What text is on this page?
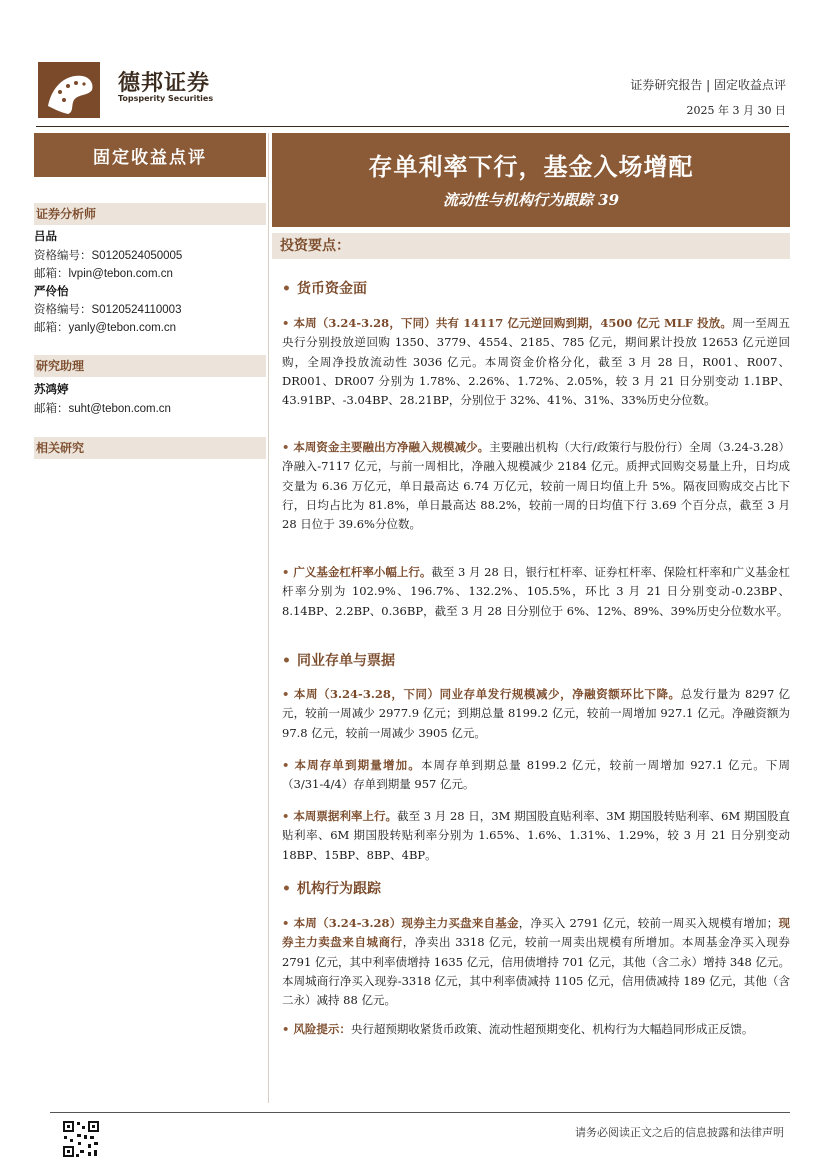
德邦证券
Topsperity Securities
证券研究报告 | 固定收益点评
2025 年 3 月 30 日
固定收益点评
证券分析师
吕品
资格编号：S0120524050005
邮箱：lvpin@tebon.com.cn
严伶怡
资格编号：S0120524110003
邮箱：yanly@tebon.com.cn
研究助理
苏鸿婷
邮箱：suht@tebon.com.cn
相关研究
存单利率下行，基金入场增配
流动性与机构行为跟踪 39
投资要点：
• 货币资金面
• 本周（3.24-3.28，下同）共有 14117 亿元逆回购到期，4500 亿元 MLF 投放。周一至周五央行分别投放逆回购 1350、3779、4554、2185、785 亿元，期间累计投放 12653 亿元逆回购，全周净投放流动性 3036 亿元。本周资金价格分化，截至 3 月 28 日，R001、R007、DR001、DR007 分别为 1.78%、2.26%、1.72%、2.05%，较 3 月 21 日分别变动 1.1BP、43.91BP、-3.04BP、28.21BP，分别位于 32%、41%、31%、33%历史分位数。
• 本周资金主要融出方净融入规模减少。主要融出机构（大行/政策行与股份行）全周（3.24-3.28）净融入-7117 亿元，与前一周相比，净融入规模减少 2184 亿元。质押式回购交易量上升，日均成交量为 6.36 万亿元，单日最高达 6.74 万亿元，较前一周日均值上升 5%。隔夜回购成交占比下行，日均占比为 81.8%，单日最高达 88.2%，较前一周的日均值下行 3.69 个百分点，截至 3 月 28 日位于 39.6%分位数。
• 广义基金杠杆率小幅上行。截至 3 月 28 日，银行杠杆率、证券杠杆率、保险杠杆率和广义基金杠杆率分别为 102.9%、196.7%、132.2%、105.5%，环比 3 月 21 日分别变动-0.23BP、8.14BP、2.2BP、0.36BP，截至 3 月 28 日分别位于 6%、12%、89%、39%历史分位数水平。
• 同业存单与票据
• 本周（3.24-3.28，下同）同业存单发行规模减少，净融资额环比下降。总发行量为 8297 亿元，较前一周减少 2977.9 亿元；到期总量 8199.2 亿元，较前一周增加 927.1 亿元。净融资额为 97.8 亿元，较前一周减少 3905 亿元。
• 本周存单到期量增加。本周存单到期总量 8199.2 亿元，较前一周增加 927.1 亿元。下周（3/31-4/4）存单到期量 957 亿元。
• 本周票据利率上行。截至 3 月 28 日，3M 期国股直贴利率、3M 期国股转贴利率、6M 期国股直贴利率、6M 期国股转贴利率分别为 1.65%、1.6%、1.31%、1.29%，较 3 月 21 日分别变动 18BP、15BP、8BP、4BP。
• 机构行为跟踪
• 本周（3.24-3.28）现券主力买盘来自基金，净买入 2791 亿元，较前一周买入规模有增加；现券主力卖盘来自城商行，净卖出 3318 亿元，较前一周卖出规模有所增加。本周基金净买入现券 2791 亿元，其中利率债增持 1635 亿元，信用债增持 701 亿元，其他（含二永）增持 348 亿元。本周城商行净买入现券-3318 亿元，其中利率债减持 1105 亿元，信用债减持 189 亿元，其他（含二永）减持 88 亿元。
• 风险提示：央行超预期收紧货币政策、流动性超预期变化、机构行为大幅趋同形成正反馈。
请务必阅读正文之后的信息披露和法律声明
